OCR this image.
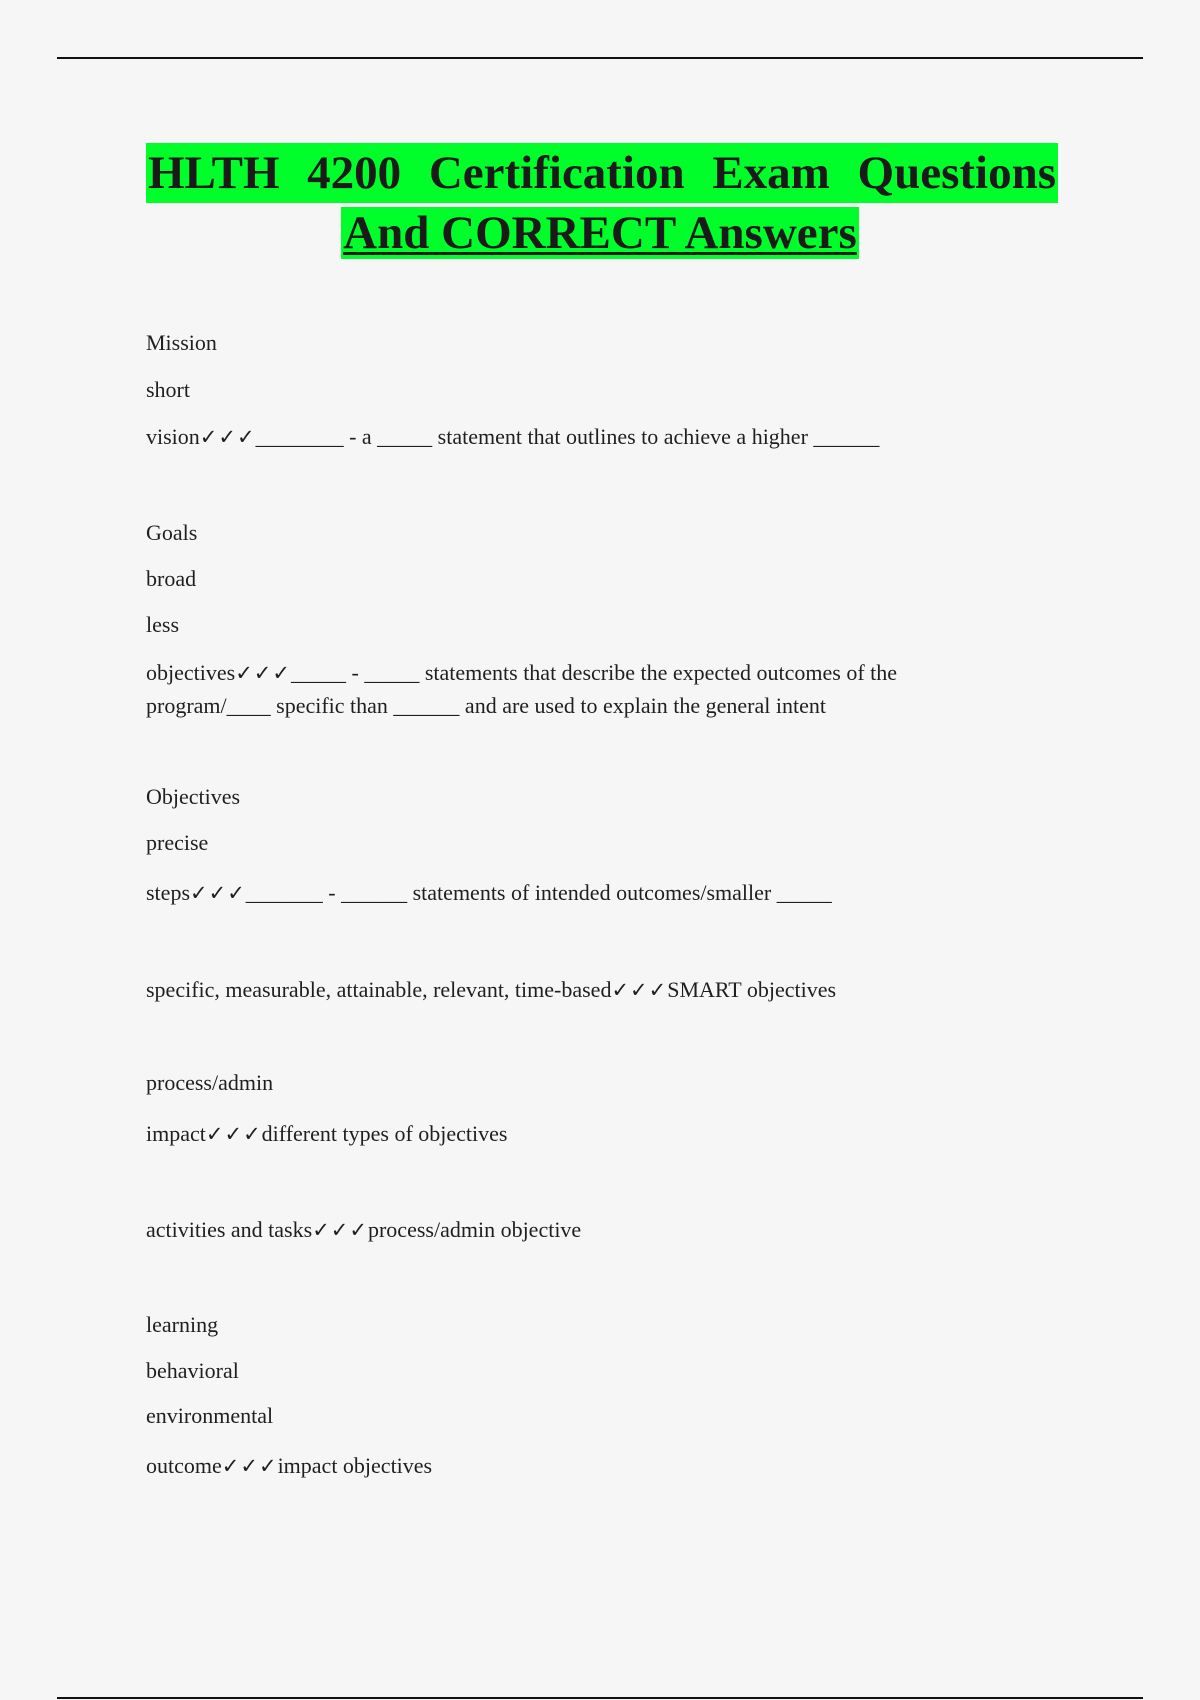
HLTH 4200 Certification Exam Questions
And CORRECT Answers
Mission
short
vision✓✓✓________ - a _____ statement that outlines to achieve a higher ______
Goals
broad
less
objectives✓✓✓_____ - _____ statements that describe the expected outcomes of the
program/____ specific than ______ and are used to explain the general intent
Objectives
precise
steps✓✓✓_______ - ______ statements of intended outcomes/smaller _____
specific, measurable, attainable, relevant, time-based✓✓✓SMART objectives
process/admin
impact✓✓✓different types of objectives
activities and tasks✓✓✓process/admin objective
learning
behavioral
environmental
outcome✓✓✓impact objectives
